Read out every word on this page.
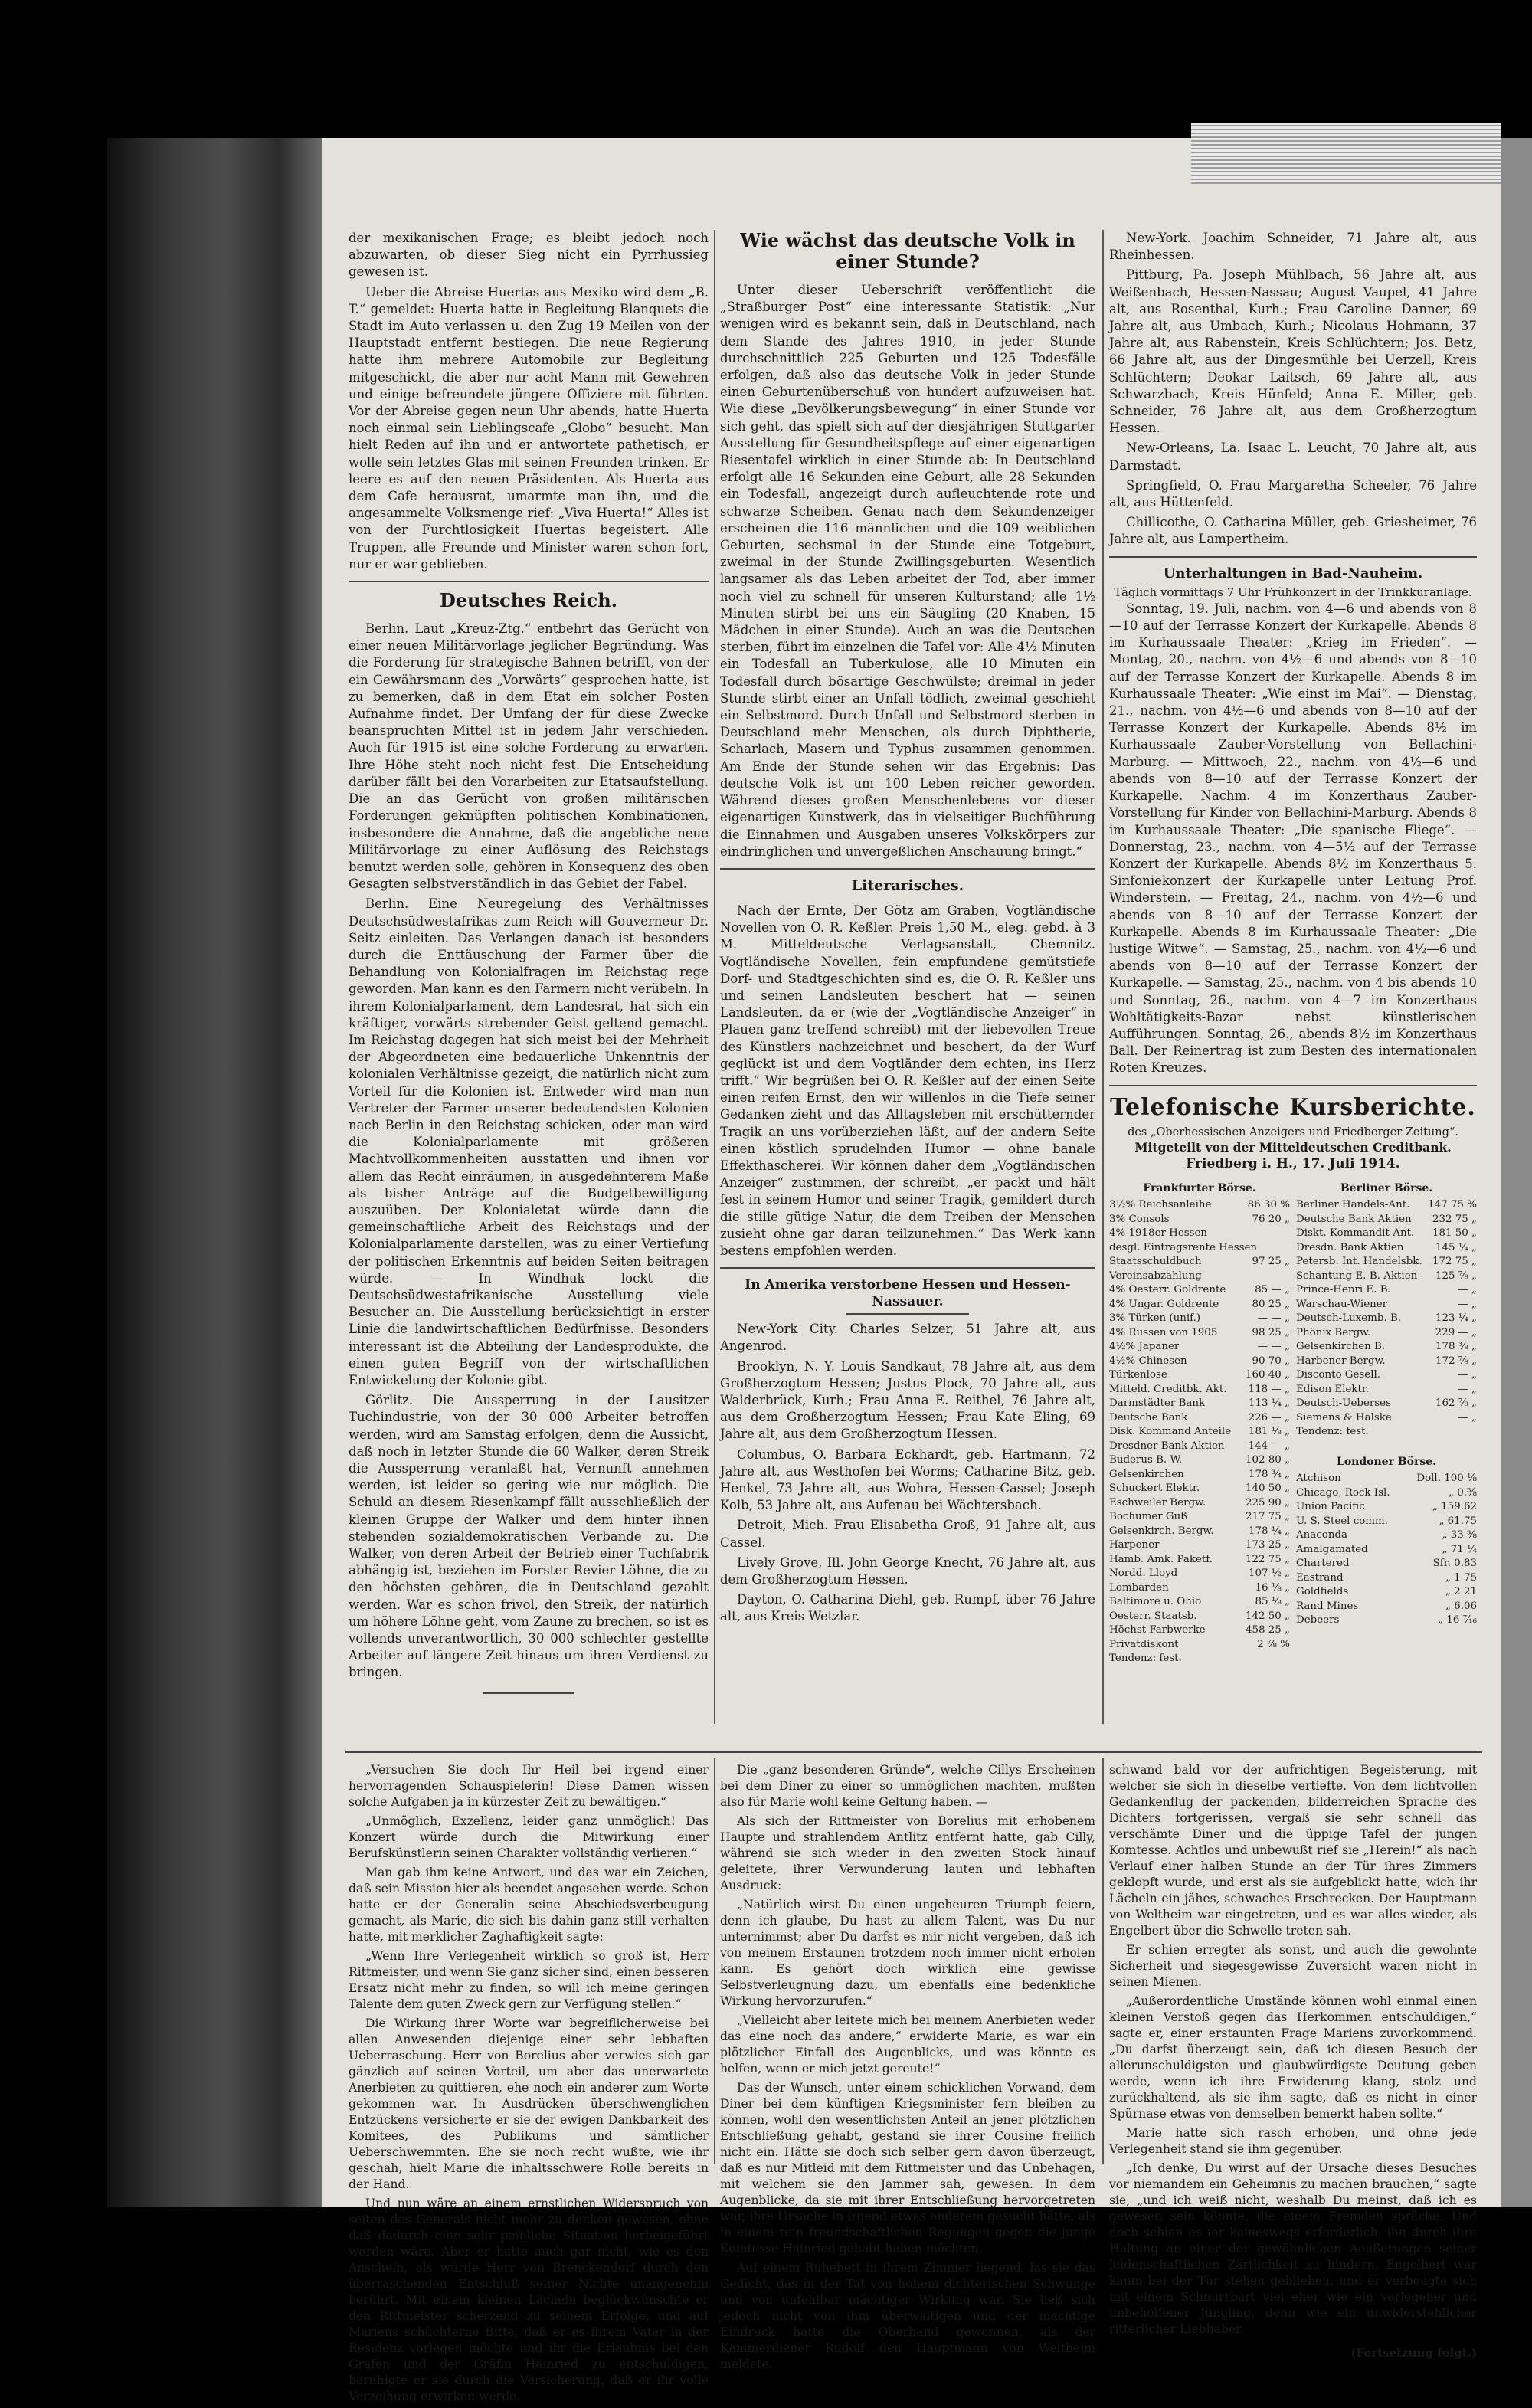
der mexikanischen Frage; es bleibt jedoch noch abzuwarten, ob dieser Sieg nicht ein Pyrrhussieg gewesen ist.

Ueber die Abreise Huertas aus Mexiko wird dem „B. T.“ gemeldet: Huerta hatte in Begleitung Blanquets die Stadt im Auto verlassen u. den Zug 19 Meilen von der Hauptstadt entfernt bestiegen. Die neue Regierung hatte ihm mehrere Automobile zur Begleitung mitgeschickt, die aber nur acht Mann mit Gewehren und einige befreundete jüngere Offiziere mit führten. Vor der Abreise gegen neun Uhr abends, hatte Huerta noch einmal sein Lieblingscafe „Globo“ besucht. Man hielt Reden auf ihn und er antwortete pathetisch, er wolle sein letztes Glas mit seinen Freunden trinken. Er leere es auf den neuen Präsidenten. Als Huerta aus dem Cafe herausrat, umarmte man ihn, und die angesammelte Volksmenge rief: „Viva Huerta!“ Alles ist von der Furchtlosigkeit Huertas begeistert. Alle Truppen, alle Freunde und Minister waren schon fort, nur er war geblieben.

Deutsches Reich.

Berlin. Laut „Kreuz-Ztg.“ entbehrt das Gerücht von einer neuen Militärvorlage jeglicher Begründung. Was die Forderung für strategische Bahnen betrifft, von der ein Gewährsmann des „Vorwärts“ gesprochen hatte, ist zu bemerken, daß in dem Etat ein solcher Posten Aufnahme findet. Der Umfang der für diese Zwecke beanspruchten Mittel ist in jedem Jahr verschieden. Auch für 1915 ist eine solche Forderung zu erwarten. Ihre Höhe steht noch nicht fest. Die Entscheidung darüber fällt bei den Vorarbeiten zur Etatsaufstellung. Die an das Gerücht von großen militärischen Forderungen geknüpften politischen Kombinationen, insbesondere die Annahme, daß die angebliche neue Militärvorlage zu einer Auflösung des Reichstags benutzt werden solle, gehören in Konsequenz des oben Gesagten selbstverständlich in das Gebiet der Fabel.

Berlin. Eine Neuregelung des Verhältnisses Deutschsüdwestafrikas zum Reich will Gouverneur Dr. Seitz einleiten. Das Verlangen danach ist besonders durch die Enttäuschung der Farmer über die Behandlung von Kolonialfragen im Reichstag rege geworden. Man kann es den Farmern nicht verübeln. In ihrem Kolonialparlament, dem Landesrat, hat sich ein kräftiger, vorwärts strebender Geist geltend gemacht. Im Reichstag dagegen hat sich meist bei der Mehrheit der Abgeordneten eine bedauerliche Unkenntnis der kolonialen Verhältnisse gezeigt, die natürlich nicht zum Vorteil für die Kolonien ist. Entweder wird man nun Vertreter der Farmer unserer bedeutendsten Kolonien nach Berlin in den Reichstag schicken, oder man wird die Kolonialparlamente mit größeren Machtvollkommenheiten ausstatten und ihnen vor allem das Recht einräumen, in ausgedehnterem Maße als bisher Anträge auf die Budgetbewilligung auszuüben. Der Kolonialetat würde dann die gemeinschaftliche Arbeit des Reichstags und der Kolonialparlamente darstellen, was zu einer Vertiefung der politischen Erkenntnis auf beiden Seiten beitragen würde. — In Windhuk lockt die Deutschsüdwestafrikanische Ausstellung viele Besucher an. Die Ausstellung berücksichtigt in erster Linie die landwirtschaftlichen Bedürfnisse. Besonders interessant ist die Abteilung der Landesprodukte, die einen guten Begriff von der wirtschaftlichen Entwickelung der Kolonie gibt.

Görlitz. Die Aussperrung in der Lausitzer Tuchindustrie, von der 30 000 Arbeiter betroffen werden, wird am Samstag erfolgen, denn die Aussicht, daß noch in letzter Stunde die 60 Walker, deren Streik die Aussperrung veranlaßt hat, Vernunft annehmen werden, ist leider so gering wie nur möglich. Die Schuld an diesem Riesenkampf fällt ausschließlich der kleinen Gruppe der Walker und dem hinter ihnen stehenden sozialdemokratischen Verbande zu. Die Walker, von deren Arbeit der Betrieb einer Tuchfabrik abhängig ist, beziehen im Forster Revier Löhne, die zu den höchsten gehören, die in Deutschland gezahlt werden. War es schon frivol, den Streik, der natürlich um höhere Löhne geht, vom Zaune zu brechen, so ist es vollends unverantwortlich, 30 000 schlechter gestellte Arbeiter auf längere Zeit hinaus um ihren Verdienst zu bringen.

Wie wächst das deutsche Volk in einer Stunde?

Unter dieser Ueberschrift veröffentlicht die „Straßburger Post“ eine interessante Statistik: „Nur wenigen wird es bekannt sein, daß in Deutschland, nach dem Stande des Jahres 1910, in jeder Stunde durchschnittlich 225 Geburten und 125 Todesfälle erfolgen, daß also das deutsche Volk in jeder Stunde einen Geburtenüberschuß von hundert aufzuweisen hat. Wie diese „Bevölkerungsbewegung“ in einer Stunde vor sich geht, das spielt sich auf der diesjährigen Stuttgarter Ausstellung für Gesundheitspflege auf einer eigenartigen Riesentafel wirklich in einer Stunde ab: In Deutschland erfolgt alle 16 Sekunden eine Geburt, alle 28 Sekunden ein Todesfall, angezeigt durch aufleuchtende rote und schwarze Scheiben. Genau nach dem Sekundenzeiger erscheinen die 116 männlichen und die 109 weiblichen Geburten, sechsmal in der Stunde eine Totgeburt, zweimal in der Stunde Zwillingsgeburten. Wesentlich langsamer als das Leben arbeitet der Tod, aber immer noch viel zu schnell für unseren Kulturstand; alle 1½ Minuten stirbt bei uns ein Säugling (20 Knaben, 15 Mädchen in einer Stunde). Auch an was die Deutschen sterben, führt im einzelnen die Tafel vor: Alle 4½ Minuten ein Todesfall an Tuberkulose, alle 10 Minuten ein Todesfall durch bösartige Geschwülste; dreimal in jeder Stunde stirbt einer an Unfall tödlich, zweimal geschieht ein Selbstmord. Durch Unfall und Selbstmord sterben in Deutschland mehr Menschen, als durch Diphtherie, Scharlach, Masern und Typhus zusammen genommen. Am Ende der Stunde sehen wir das Ergebnis: Das deutsche Volk ist um 100 Leben reicher geworden. Während dieses großen Menschenlebens vor dieser eigenartigen Kunstwerk, das in vielseitiger Buchführung die Einnahmen und Ausgaben unseres Volkskörpers zur eindringlichen und unvergeßlichen Anschauung bringt.“

Literarisches.

Nach der Ernte, Der Götz am Graben, Vogtländische Novellen von O. R. Keßler. Preis 1,50 M., eleg. gebd. à 3 M. Mitteldeutsche Verlagsanstalt, Chemnitz. Vogtländische Novellen, fein empfundene gemütstiefe Dorf- und Stadtgeschichten sind es, die O. R. Keßler uns und seinen Landsleuten beschert hat — seinen Landsleuten, da er (wie der „Vogtländische Anzeiger“ in Plauen ganz treffend schreibt) mit der liebevollen Treue des Künstlers nachzeichnet und beschert, da der Wurf geglückt ist und dem Vogtländer dem echten, ins Herz trifft.“ Wir begrüßen bei O. R. Keßler auf der einen Seite einen reifen Ernst, den wir willenlos in die Tiefe seiner Gedanken zieht und das Alltagsleben mit erschütternder Tragik an uns vorüberziehen läßt, auf der andern Seite einen köstlich sprudelnden Humor — ohne banale Effekthascherei. Wir können daher dem „Vogtländischen Anzeiger“ zustimmen, der schreibt, „er packt und hält fest in seinem Humor und seiner Tragik, gemildert durch die stille gütige Natur, die dem Treiben der Menschen zusieht ohne gar daran teilzunehmen.“ Das Werk kann bestens empfohlen werden.

In Amerika verstorbene Hessen und Hessen-Nassauer.

New-York City. Charles Selzer, 51 Jahre alt, aus Angenrod.

Brooklyn, N. Y. Louis Sandkaut, 78 Jahre alt, aus dem Großherzogtum Hessen; Justus Plock, 70 Jahre alt, aus Walderbrück, Kurh.; Frau Anna E. Reithel, 76 Jahre alt, aus dem Großherzogtum Hessen; Frau Kate Eling, 69 Jahre alt, aus dem Großherzogtum Hessen.

Columbus, O. Barbara Eckhardt, geb. Hartmann, 72 Jahre alt, aus Westhofen bei Worms; Catharine Bitz, geb. Henkel, 73 Jahre alt, aus Wohra, Hessen-Cassel; Joseph Kolb, 53 Jahre alt, aus Aufenau bei Wächtersbach.

Detroit, Mich. Frau Elisabetha Groß, 91 Jahre alt, aus Cassel.

Lively Grove, Ill. John George Knecht, 76 Jahre alt, aus dem Großherzogtum Hessen.

Dayton, O. Catharina Diehl, geb. Rumpf, über 76 Jahre alt, aus Kreis Wetzlar.

New-York. Joachim Schneider, 71 Jahre alt, aus Rheinhessen.

Pittburg, Pa. Joseph Mühlbach, 56 Jahre alt, aus Weißenbach, Hessen-Nassau; August Vaupel, 41 Jahre alt, aus Rosenthal, Kurh.; Frau Caroline Danner, 69 Jahre alt, aus Umbach, Kurh.; Nicolaus Hohmann, 37 Jahre alt, aus Rabenstein, Kreis Schlüchtern; Jos. Betz, 66 Jahre alt, aus der Dingesmühle bei Uerzell, Kreis Schlüchtern; Deokar Laitsch, 69 Jahre alt, aus Schwarzbach, Kreis Hünfeld; Anna E. Miller, geb. Schneider, 76 Jahre alt, aus dem Großherzogtum Hessen.

New-Orleans, La. Isaac L. Leucht, 70 Jahre alt, aus Darmstadt.

Springfield, O. Frau Margaretha Scheeler, 76 Jahre alt, aus Hüttenfeld.

Chillicothe, O. Catharina Müller, geb. Griesheimer, 76 Jahre alt, aus Lampertheim.

Unterhaltungen in Bad-Nauheim.
Täglich vormittags 7 Uhr Frühkonzert in der Trinkkuranlage.

Sonntag, 19. Juli, nachm. von 4—6 und abends von 8—10 auf der Terrasse Konzert der Kurkapelle. Abends 8 im Kurhaussaale Theater: „Krieg im Frieden“. — Montag, 20., nachm. von 4½—6 und abends von 8—10 auf der Terrasse Konzert der Kurkapelle. Abends 8 im Kurhaussaale Theater: „Wie einst im Mai“. — Dienstag, 21., nachm. von 4½—6 und abends von 8—10 auf der Terrasse Konzert der Kurkapelle. Abends 8½ im Kurhaussaale Zauber-Vorstellung von Bellachini-Marburg. — Mittwoch, 22., nachm. von 4½—6 und abends von 8—10 auf der Terrasse Konzert der Kurkapelle. Nachm. 4 im Konzerthaus Zauber-Vorstellung für Kinder von Bellachini-Marburg. Abends 8 im Kurhaussaale Theater: „Die spanische Fliege“. — Donnerstag, 23., nachm. von 4—5½ auf der Terrasse Konzert der Kurkapelle. Abends 8½ im Konzerthaus 5. Sinfoniekonzert der Kurkapelle unter Leitung Prof. Winderstein. — Freitag, 24., nachm. von 4½—6 und abends von 8—10 auf der Terrasse Konzert der Kurkapelle. Abends 8 im Kurhaussaale Theater: „Die lustige Witwe“. — Samstag, 25., nachm. von 4½—6 und abends von 8—10 auf der Terrasse Konzert der Kurkapelle. — Samstag, 25., nachm. von 4 bis abends 10 und Sonntag, 26., nachm. von 4—7 im Konzerthaus Wohltätigkeits-Bazar nebst künstlerischen Aufführungen. Sonntag, 26., abends 8½ im Konzerthaus Ball. Der Reinertrag ist zum Besten des internationalen Roten Kreuzes.

Telefonische Kursberichte.
des „Oberhessischen Anzeigers und Friedberger Zeitung“.
Mitgeteilt von der Mitteldeutschen Creditbank.
Friedberg i. H., 17. Juli 1914.
Frankfurter Börse.
3½% Reichsanleihe	86 30 %
3% Consols	76 20 „
4% 1918er Hessen
desgl. Eintragsrente Hessen
Staatsschuldbuch	97 25 „
Vereinsabzahlung
4% Oesterr. Goldrente	85 — „
4% Ungar. Goldrente	80 25 „
3% Türken (unif.)	— — „
4% Russen von 1905	98 25 „
4½% Japaner	— — „
4½% Chinesen	90 70 „
Türkenlose	160 40 „
Mitteld. Creditbk. Akt. 118 — „
Darmstädter Bank	113 ¼ „
Deutsche Bank	226 — „
Disk. Kommand Anteile 181 ⅛ „
Dresdner Bank Aktien 144 — „
Buderus B. W.	102 80 „
Gelsenkirchen	178 ¾ „
Schuckert Elektr.	140 50 „
Eschweiler Bergw.	225 90 „
Bochumer Guß	217 75 „
Gelsenkirch. Bergw.	178 ¼ „
Harpener	173 25 „
Hamb. Amk. Paketf.	122 75 „
Nordd. Lloyd	107 ½ „
Lombarden	16 ⅛ „
Baltimore u. Ohio	85 ⅛ „
Oesterr. Staatsb.	142 50 „
Höchst Farbwerke	458 25 „
Privatdiskont	2 ⅞ %
Tendenz: fest.
Berliner Börse.
Berliner Handels-Ant. 147 75 %
Deutsche Bank Aktien 232 75 „
Diskt. Kommandit-Ant. 181 50 „
Dresdn. Bank Aktien	145 ¼ „
Petersb. Int. Handelsbk. 172 75 „
Schantung E.-B. Aktien 125 ⅞ „
Prince-Henri E. B.	— „
Warschau-Wiener	— „
Deutsch-Luxemb. B.	123 ¼ „
Phönix Bergw.	229 — „
Gelsenkirchen B.	178 ⅜ „
Harbener Bergw.	172 ⅞ „
Disconto Gesell.	— „
Edison Elektr.	— „
Deutsch-Ueberses	162 ⅞ „
Siemens & Halske	— „
Tendenz: fest.
Londoner Börse.
Atchison	Doll. 100 ⅛
Chicago, Rock Isl.	„ 0.⁵⁄₈
Union Pacific	„ 159.62
U. S. Steel comm.	„ 61.75
Anaconda	„ 33 ⅜
Amalgamated	„ 71 ¼
Chartered	Sfr. 0.83
Eastrand	„ 1 75
Goldfields	„ 2 21
Rand Mines	„ 6.06
Debeers	„ 16 ⁷⁄₁₆

„Versuchen Sie doch Ihr Heil bei irgend einer hervorragenden Schauspielerin! Diese Damen wissen solche Aufgaben ja in kürzester Zeit zu bewältigen.“

„Unmöglich, Exzellenz, leider ganz unmöglich! Das Konzert würde durch die Mitwirkung einer Berufskünstlerin seinen Charakter vollständig verlieren.“

Man gab ihm keine Antwort, und das war ein Zeichen, daß sein Mission hier als beendet angesehen werde. Schon hatte er der Generalin seine Abschiedsverbeugung gemacht, als Marie, die sich bis dahin ganz still verhalten hatte, mit merklicher Zaghaftigkeit sagte:

„Wenn Ihre Verlegenheit wirklich so groß ist, Herr Rittmeister, und wenn Sie ganz sicher sind, einen besseren Ersatz nicht mehr zu finden, so will ich meine geringen Talente dem guten Zweck gern zur Verfügung stellen.“

Die Wirkung ihrer Worte war begreiflicherweise bei allen Anwesenden diejenige einer sehr lebhaften Ueberraschung. Herr von Borelius aber verwies sich gar gänzlich auf seinen Vorteil, um aber das unerwartete Anerbieten zu quittieren, ehe noch ein anderer zum Worte gekommen war. In Ausdrücken überschwenglichen Entzückens versicherte er sie der ewigen Dankbarkeit des Komitees, des Publikums und sämtlicher Ueberschwemmten. Ehe sie noch recht wußte, wie ihr geschah, hielt Marie die inhaltsschwere Rolle bereits in der Hand.

Und nun wäre an einem ernstlichen Widerspruch von seiten des Generals nicht mehr zu denken gewesen, ohne daß dadurch eine sehr peinliche Situation herbeigeführt worden wäre. Aber er hatte auch gar nicht, wie es den Anschein, als würde Herr von Brenckendorf durch den überraschenden Entschluß seiner Nichte unangenehm berührt. Mit einem kleinen Lächeln beglückwünschte er den Rittmeister scherzend zu seinem Erfolge, und auf Mariens schüchterne Bitte, daß er es ihrem Vater in der Residenz vorlegen möchte und ihr die Erlaubnis bei den Grafen und der Gräfin Hainried zu entschuldigen, beruhigte er sie durch die Versicherung, daß er ihr volle Verzeihung erwirken werde.

Die „ganz besonderen Gründe“, welche Cillys Erscheinen bei dem Diner zu einer so unmöglichen machten, mußten also für Marie wohl keine Geltung haben. —

Als sich der Rittmeister von Borelius mit erhobenem Haupte und strahlendem Antlitz entfernt hatte, gab Cilly, während sie sich wieder in den zweiten Stock hinauf geleitete, ihrer Verwunderung lauten und lebhaften Ausdruck:

„Natürlich wirst Du einen ungeheuren Triumph feiern, denn ich glaube, Du hast zu allem Talent, was Du nur unternimmst; aber Du darfst es mir nicht vergeben, daß ich von meinem Erstaunen trotzdem noch immer nicht erholen kann. Es gehört doch wirklich eine gewisse Selbstverleugnung dazu, um ebenfalls eine bedenkliche Wirkung hervorzurufen.“

„Vielleicht aber leitete mich bei meinem Anerbieten weder das eine noch das andere,“ erwiderte Marie, es war ein plötzlicher Einfall des Augenblicks, und was könnte es helfen, wenn er mich jetzt gereute!“

Das der Wunsch, unter einem schicklichen Vorwand, dem Diner bei dem künftigen Kriegsminister fern bleiben zu können, wohl den wesentlichsten Anteil an jener plötzlichen Entschließung gehabt, gestand sie ihrer Cousine freilich nicht ein. Hätte sie doch sich selber gern davon überzeugt, daß es nur Mitleid mit dem Rittmeister und das Unbehagen, mit welchem sie den Jammer sah, gewesen. In dem Augenblicke, da sie mit ihrer Entschließung hervorgetreten war, ihre Ursache in irgend etwas anderem gesucht hätte, als in einem rein freundschaftlichen Regungen gegen die junge Komtesse Hainried gehabt haben möchten.

Auf einem Ruhebett in ihrem Zimmer liegend, las sie das Gedicht, das in der Tat von hohem dichterischen Schwunge und von unfehlbar mächtiger Wirkung war. Sie ließ sich jedoch nicht von ihm überwältigen und der mächtige Eindruck hatte die Oberhand gewonnen, als der Kammerdiener Rudolf den Hauptmann von Weltheim meldete.

schwand bald vor der aufrichtigen Begeisterung, mit welcher sie sich in dieselbe vertiefte. Von dem lichtvollen Gedankenflug der packenden, bilderreichen Sprache des Dichters fortgerissen, vergaß sie sehr schnell das verschämte Diner und die üppige Tafel der jungen Komtesse. Achtlos und unbewußt rief sie „Herein!“ als nach Verlauf einer halben Stunde an der Tür ihres Zimmers geklopft wurde, und erst als sie aufgeblickt hatte, wich ihr Lächeln ein jähes, schwaches Erschrecken. Der Hauptmann von Weltheim war eingetreten, und es war alles wieder, als Engelbert über die Schwelle treten sah.

Er schien erregter als sonst, und auch die gewohnte Sicherheit und siegesgewisse Zuversicht waren nicht in seinen Mienen.

„Außerordentliche Umstände können wohl einmal einen kleinen Verstoß gegen das Herkommen entschuldigen,“ sagte er, einer erstaunten Frage Mariens zuvorkommend. „Du darfst überzeugt sein, daß ich diesen Besuch der allerunschuldigsten und glaubwürdigste Deutung geben werde, wenn ich ihre Erwiderung klang, stolz und zurückhaltend, als sie ihm sagte, daß es nicht in einer Spürnase etwas von demselben bemerkt haben sollte.“

Marie hatte sich rasch erhoben, und ohne jede Verlegenheit stand sie ihm gegenüber.

„Ich denke, Du wirst auf der Ursache dieses Besuches vor niemandem ein Geheimnis zu machen brauchen,“ sagte sie, „und ich weiß nicht, weshalb Du meinst, daß ich es gewesen sein könnte, die einem Fremden spräche. Und doch schien es ihr keineswegs erforderlich, ihn durch ihre Haltung an einer der gewöhnlichen Aeußerungen seiner leidenschaftlichen Zärtlichkeit zu hindern. Engelbert war kaum bei der Tür stehen geblieben, und er verbeugte sich mit einem Schnurrbart viel eher wie ein verlegener und unbeholfener Jüngling, denn wie ein unwiderstehlicher ritterlicher Liebhaber.

(Fortsetzung folgt.)
